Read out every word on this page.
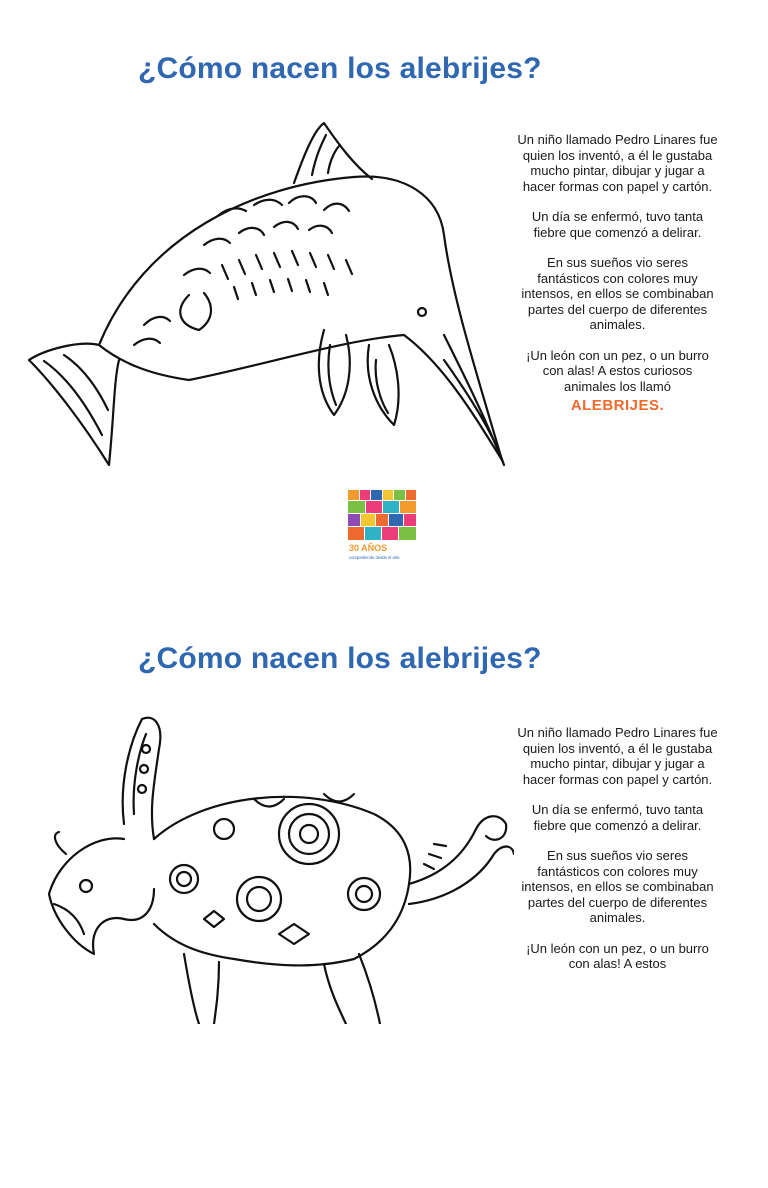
¿Cómo nacen los alebrijes?

Un niño llamado Pedro Linares fue quien los inventó, a él le gustaba mucho pintar, dibujar y jugar a hacer formas con papel y cartón.

Un día se enfermó, tuvo tanta fiebre que comenzó a delirar.

En sus sueños vio seres fantásticos con colores muy intensos, en ellos se combinaban partes del cuerpo de diferentes animales.

¡Un león con un pez, o un burro con alas! A estos curiosos animales los llamó
ALEBRIJES.

30 AÑOS
compartiendo desde el arte
¿Cómo nacen los alebrijes?

Un niño llamado Pedro Linares fue quien los inventó, a él le gustaba mucho pintar, dibujar y jugar a hacer formas con papel y cartón.

Un día se enfermó, tuvo tanta fiebre que comenzó a delirar.

En sus sueños vio seres fantásticos con colores muy intensos, en ellos se combinaban partes del cuerpo de diferentes animales.

¡Un león con un pez, o un burro con alas! A estos
